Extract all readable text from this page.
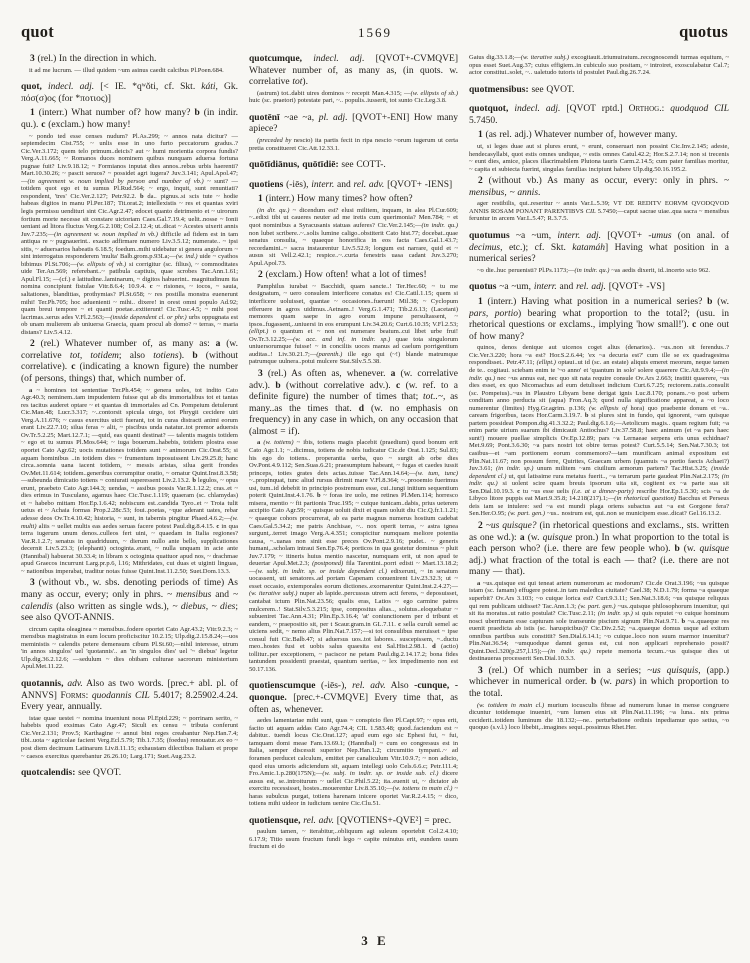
quot	1569	quotus

3 (rel.) In the direction in which.

it ad me lucrum. — illud quidem ~um asinus caedit calcibus Pl.Poen.684.

quot, indecl. adj. [< IE. *qʷŏti, cf. Skt. káti, Gk. πόσ(σ)ος (for *ποτιος)]

1 (interr.) What number of? how many? b (in indir. qu.). c (exclam.) how many!

~ pondo ted esse censes nudum? Pl.As.299; ~ annos nata dicitur? — septemdecim Cist.755; ~ unlis esse in uno furto peccatorum gradus..? Cic.Ver.3.172; quem telo primum..deicis? aut ~ humi morientia corpora fundis? Verg.A.11.665; ~ Romanos duces nominem quibus nunquam aduersa fortuna pugnae fuit? Liv.9.18.12; ~ Formianos inputat dies annos..rebus urbis haerenti? Mart.10.30.26; ~ pascit seruos? ~ possidet agri iugera? Juv.3.141; Apul.Apol.47;—(in agreement w. noun implied by person and number of vb.) ~ sunt? — totidem quot ego et tu sumus Pl.Rud.564; ~ ergo, inquit, sunt renuntiati? respondent, 'tres' Cic.Ver.2.127; Petr.92.2. b da.. pignus..si scis tute ~ hodie habeas digitos in manu Pl.Per.187; Tit.orat.2; intellexistis ~ res et quantas xviri legis permissu uendituri sint Cic.Agr.2.47; edocet quanto detrimento et ~ uirorum fortium morte necesse sit constare uictoriam Caes.Gal.7.19.4; uelit..nosse ~ Ionii ueniant ad litora fluctus Verg.G.2.108; Col.2.12.4; ut..dicat ~ Acestes uixerit annis Juv.7.235;—(in agreement w. noun implied in vb.) difficile ad fidem est in tam antiqua re ~ pugnauerint.. exacto adfirmare numero Liv.3.5.12; numerate.. ~ ipsi sitis, ~ aduersarios habeatis 6.18.5; foedum..mihi uidebatur si genera angulorum ~ sint interrogatus responderem 'multa' Balb.grom.p.93La;—(w. ind.) uide ~ cyathos bibimus Pl.St.706;—(w. ellipsis of vb.) si corrigitur (sc. filius), ~ commoditates uide Ter.An.569; referebant..~ patibula captiuis, quae scrobes Tac.Ann.1.61; Apul.Fl.15; —(cf.) e latitudine..laminarum, ~ digitos habuerint.. magnitudinum ita nomina concipiunt fistulae Vitr.8.6.4; 10.9.4. c ~ risiones, ~ iocos, ~ sauia, saltationes, blanditias, prothymias? Pl.St.658; ~ res postilla monstra euenerunt mihi! Ter.Ph.705; hoc aduenienti ~ mihi.. dixere! in orest omni populo Ad.92; quam breui tempore ~ et quanti poetae..extiterunt! Cic.Tusc.4.5; ~ mihi post lacrimas..serus ades V.Fl.2.563;—(inside dependent cl. or phr.) urbs oppugnata est ob unam mulierem ab uniuersa Graecia, quam procul ab domo? ~ terras, ~ maria distans? Liv.5.4.12.

2 (rel.) Whatever number of, as many as: a (w. correlative tot, totidem; also totiens). b (without correlative). c (indicating a known figure) the number (of persons, things) that, which number of.

a ~ homines tot sententiae Ter.Ph.454; ~ genera uoles, tot indito Cato Agr.40.3; neminem..tam impudentem fuisse qui ab dis immortalibus tot et tantas res tacitus auderet optare ~ et quantas di immortales ad Cn. Pompeium detulerunt Cic.Man.48; Lucr.3.317; ~..contorsit spicula uirgo, tot Phrygii cecidere uiri Verg.A.11.676; ~ casus exercitus uicti fuerant, tot in curas distracti animi eorum erant Liv.22.7.10; silua feras ~ alit, ~ piscibus unda natatur..tot premor aduersis Ov.Tr.5.2.25; Mart.12.7.1; —quid, eas quanti destinat? — talentis magnis totidem ~ ego et tu sumus Pl.Mos.644; ~ iuga bouerum..habebis, totidem plostra esse oportet Cato Agr.62; uocis mutationes totidem sunt ~ animorum Cic.Orat.55; si aquam hominibus ..in totidem dies ~ frumentum inposuissent Liv.29.25.8; hanc circa..somnia uana iacent totidem, ~ messis aristas, silua gerit frondes Ov.Met.11.614; totidem..generibus corrumpitur oratio, ~ ornatur Quint.Inst.8.3.58;—subeunda dimicatio totiens ~ coniurati superessent Liv.2.13.2. b legulos, ~ opus erunt, praebeto Cato Agr.144.3; uendas, ~ assibus possis Var.R.1.12.2; cras..et ~ dies erimus in Tusculano, agamus haec Cic.Tusc.1.119; quaeram (sc. chlamydas) et ~ habebo mittam Hor.Ep.1.6.42; nobiscum est..candida Tyro..et ~ Troia tulit uetus et ~ Achaia formas Prop.2.28c.53; foui..poetas, ~que aderant uates, rebar adesse deos Ov.Tr.4.10.42; historia, ~ sunt, in tabernis pingitur Phaed.4.6.2;—(w. multi) aliis ~ uellet multis eas aedes seruas facere potest Paul.dig.8.4.15. c in qua terra iugerum unum denos..culleos fert uini, ~ quaedam in Italia regiones? Var.R.1.2.7; senatus in quadriduum, ~ dierum nullo ante bello, supplicationes decernit Liv.5.23.3; (elephanti) octoginta..erant, ~ nulla unquam in acie ante (Hannibal) habuerat 30.33.4; in libram x octoginta quattuor apud nos, ~ drachmae apud Graecos incurrunt Larg.pr.p.6, l.16; Mithridates, cui duas et uiginti linguas, ~ nationibus imperabat, traditur notas fuisse Quint.Inst.11.2.50; Suet.Dom.13.3.

3 (without vb., w. sbs. denoting periods of time) As many as occur, every; only in phrs. ~ mensibus and ~ calendis (also written as single wds.), ~ diebus, ~ dies; see also QVOT-ANNIS.

circum capita oleaginea ~ mensibus..fodere oportet Cato Agr.43.2; Vitr.9.2.3; ~ mensibus magistratus in eum locum proficiscitur 10.2.15; Ulp.dig.2.15.8.24;—uos meministis ~ calendis petere demensum cibum Pl.St.60;—nihil interesse, utrum 'in annos singulos' uel 'quotannis'.. an 'in singulos dies' uel '~ diebus' legetur Ulp.dig.36.2.12.6; —sedulum ~ dies obibam culturae sacrorum ministerium Apul.Met.11.22.

quotannis, adv. Also as two words. [prec.+ abl. pl. of ANNVS] Forms: quodannis CIL 5.4017; 8.25902.4.24. Every year, annually.

istae quae uestei ~ nomina inueniunt noua Pl.Epid.229; ~ porrinam serito, ~ habebis quod exsimas Cato Agr.47; Siculi ex censu ~ tributa conferunt Cic.Ver.2.131; Prov.5; Karthagine ~ annui bini reges creabantur Nep.Han.7.4; tibi..uota ~ agricolae facient Verg.Ecl.5.79; Tib.1.7.35; (foedus) renouatur..ex eo ~ post diem decimum Latinarum Liv.8.11.15; exhaustam dilectibus Italiam et prope ~ caesos exercitus querebantur 26.26.10; Larg.171; Suet.Aug.23.2.

quotcalendis: see QVOT.

quotcumque, indecl. adj. [QVOT+-CVMQVE] Whatever number of, as many as, (in quots. w. correlative tot).

(astrum) tot..dabit uires dominos ~ recepit Man.4.315; —(w. ellipsis of sb.) huic (sc. praetori) potestate pari, ~.. populis..iusserit, tot sunto Cic.Leg.3.8.

quotēnī ~ae ~a, pl. adj. [QVOT+-ENI] How many apiece?

(preceded by nescio) ita partis fecit in ripa nescio ~orum iugerum ut certa pretia constitueret Cic.Att.12.33.1.

quōtīdiānus, quōtīdiē: see COTT-.

quotiens (-iēs), interr. and rel. adv. [QVOT+ -IENS]

1 (interr.) How many times? how often?

(in dir. qu.) ~ dicendum est? elusi militem, inquam, in alea Pl.Cur.609; ~..edixi tibi ut caueres neuter ad me iretis cum querimonia? Men.784; ~ et quot nominibus a Syracusanis statuas auferes? Cic.Ver.2.145;—(in indir. qu.) non lubet scribere..~..solis lumine caligo..obstiterit Cato hist.77; docebat..quae senatus consulta, ~ quaeque honorifica in eos facta Caes.Gal.1.43.7; recordamini..~ sacra instaurentur Liv.5.52.9; longum est narrare, quid et ~ ausus sit Vell.2.42.1; respice..~..curta fenestris uasa cadant Juv.3.270; Apul.Apol.73.

2 (exclam.) How often! what a lot of times!

Pamphilus iurabat ~ Bacchidi, quam sancte..! Ter.Hec.60; ~ tu me designatum, ~ uero consulem interficere conatus es! Cic.Catil.1.15; quem si interficere uoluisset, quantae ~ occasiones..fuerunt! Mil.38; ~ Cyclopum efferuere in agros uidimus..Aetnam..! Verg.G.1.471; Tib.2.6.13; (Lacetani) memores quam saepe in agro eorum impune persultassent, ~ ipsos..fugassent,..uniuersi in eos erumpunt Liv.34.20.6; Curt.6.10.35; V.Fl.2.53; (ellipt.) o quantum et ~ non est numerare beatum..cui libet urbe frui! Ov.Tr.3.12.25;—(w. acc. and inf. in indir. sp.) quae tota singulorum uniuersorumque fuisse! ~ in conciliis uoces manus ad caelum porrigentium auditas..! Liv.30.21.7;—(parenth.) ille ego qui (~!) blande matrumque patrumque uulnera..potui mulcere Stat.Silv.5.5.38.

3 (rel.) As often as, whenever. a (w. correlative adv.). b (without correlative adv.). c (w. ref. to a definite figure) the number of times that; tot..~, as many..as the times that. d (w. no emphasis on frequency) in any case in which, on any occasion that (almost = if).

a (w. totiens) ~ ibis, totiens magis placebit (praedium) quod bonum erit Cato Agr.1.1; ~..dicimus, totiens de nobis iudicatur Cic.de Orat.1.125; Sul.83; his ego do totiens.. properantia uerba, quo ~ surgit ab orbe dies Ov.Pont.4.9.112; Sen.Suas.6.21; praesumptum habeant, ~ fugas et caedes iussit princeps, toties grates deis actas..tuisse Tac.Ann.14.64;—(w. tum, tunc) ~..propinquat, tunc aliud rursus dirimit mare V.Fl.8.364; ~..prooemio fuerimus usi, tum..id debebit in principio postremum esse, cui..iungi initium sequentium poterit Quint.Inst.4.1.76. b ~ foras ire uolo, me retines Pl.Men.114; horresco misera, mentio ~ fit partionis Truc.195; ~ cuique tunicam..dabis, prius ueterem accipito Cato Agr.59; ~ quisque uoluit dixit et quam uoluit diu Cic.Q.fr.1.1.21; ~ quaeque cohors procurrerat, ab ea parte magnus numerus hostium cadebat Caes.Gal.5.34.2; me patris Anchisae, ~.. nox operit terras, ~ astra ignea surgunt,..terret imago Verg.A.4.351; conspicitur numquam meliore potentia causa, ~..uanas non sinit esse preces Ov.Pont.2.9.16; pudet.. ~ generis humani,..scholam intraui Sen.Ep.76.4; porticos in qua gestetur dominus ~ pluit Juv.7.179; ~ itineris huius mentio nascetur, numquam erit, ut non apud te deuertar Apul.Met.2.3; (postponed) fila Tarentini..porri edisti ~ Mart.13.18.2;—(w. subj. in indir. sp. or inside dependent cl.) edixerunt, ~ in senatum uocassent, uti senatores..ad portam Capenam conuenirent Liv.23.32.3; ut ~ esset occasio, extemporales eorum dictiones..exornarentur Quint.Inst.2.4.27;—(w. iterative subj.) nuper ab lapide..percussus utrem acti ferens, ~ deposuisset, cantabat ictum Plin.Nat.23.56; qualis eras, Latios ~ ego carmine patres mulcerem..! Stat.Silv.5.3.215; ipse, compositus alias.., solutus..eloquebatur ~ subueniret Tac.Ann.4.31; Plin.Ep.3.16.4; 'at' coniunctionem per d tribunt et eandem, ~ praepositio sit, per t Scaur.gram.in GL.7.11. c sella curuli semel ac uiciens sedit, ~ nemo alius Plin.Nat.7.157;—si tot consulibus meruisset ~ ipse consul fuit Cic.Balb.47; si aduersus uos..tot labores.. suscepissem, ~..ductu meo..hostes fusi et uobis salus quaesita est Sal.Hist.2.98.1. d (actio) tollitur..per exceptionem, ~ paciscor ne petam Paul.dig.2.14.17.2; bona fides tantundem possidenti praestat, quantum ueritas, ~ lex impedimento non est 50.17.136.

quotienscumque (-iēs-), rel. adv. Also -cunque, -quonque. [prec.+-CVMQVE] Every time that, as often as, whenever.

aedes lamentariae mihi sunt, quas ~ conspicio fleo Pl.Capt.97; ~ opus erit, facito uti aquam addas Cato Agr.74.4; CIL 1.583.48; quod..faciendum est ~ dabitur.. tuendi locus Cic.Orat.127; apud eum ego sic Ephesi fui, ~ fui, tamquam domi meae Fam.13.69.1; (Hannibal) ~ cum eo congressus est in Italia, semper discessit superior Nep.Han.1.2; circumitio tympani..~ ad foramen perducet calculum, emittet per canaliculum Vitr.10.9.7; ~ non adicio, quod eius umoris adiciendum sit, aquam intellegi uolo Cels.6.6.c; Petr.111.4; Fro.Amic.1.p.280(175N);—(w. subj. in indir. sp. or inside sub. cl.) dicere ausus est, se..introiturum ~ uellet Cic.Phil.5.22; ita..euenit ut, ~ dictator ab exercitu recessisset, hostes..mouerentur Liv.8.35.10;—(w. totiens in main cl.) ~ haras subulcus purgat, totiens harenam inicere oportet Var.R.2.4.15; ~ dico, totiens mihi uideor in iudicium uenire Cic.Clu.51.

quotiensque, rel. adv. [QVOTIENS+-QVE²] = prec.

paulum tamen, ~ iterabitur,..obliquum agi suleum oportebit Col.2.4.10; 6.17.9; Titio usum fructum fundi lego ~ capite minutus erit, eundem usum fructum ei do

Gaius dig.33.1.8;—(w. iterative subj.) excogitauit..triumuiratum..recognoscendi turmas equitum, ~ opus esset Suet.Aug.37; cuius effigiem..in cubiculo suo positam, ~ introiret, exosculabatur Cal.7; actor constitui..solet, ~.. ualetudo tutoris id postulet Paul.dig.26.7.24.

quotmensibus: see QVOT.

quotquot, indecl. adj. [QVOT rptd.] Orthog.: quodquod CIL 5.7450.

1 (as rel. adj.) Whatever number of, however many.

ut, si leges duae aut si plures erunt, ~ erunt, conseruari non possint Cic.Inv.2.145; adeste, hendecasyllabi, quot estis omnes undique, ~ estis omnes Catul.42.2; Hor.S.2.7.14; non si trecenis ~ eunt dies, amice, places illacrimabilem Plutona tauris Carm.2.14.5; cum pater familias moritur, ~ capita ei subiecta fuerint, singulas familias incipiunt habere Ulp.dig.50.16.195.2.

2 (without vb.) As many as occur, every: only in phrs. ~ mensibus, ~ annis.

ager restibilis, qui..reseritur ~ annis Var.L.5.39; VT DE REDITV EORVM QVODQVOD ANNIS ROSAM PONANT PARENTIBVS CIL 5.7450;—caput sacrae uiae..qua sacra ~ mensibus feruntur in arcem Var.L.5.47; R.3.7.5.

quotumus ~a ~um, interr. adj. [QVOT+ -umus (on anal. of decimus, etc.); cf. Skt. katamáh] Having what position in a numerical series?

~o die..huc peruenisti? Pl.Ps.1173;—(in indir. qu.) ~as aedis dixerit, id..incerto scio 962.

quotus ~a ~um, interr. and rel. adj. [QVOT+ -VS]

1 (interr.) Having what position in a numerical series? b (w. pars, portio) bearing what proportion to the total?; (usu. in rhetorical questions or exclams., implying 'how small!'). c one out of how many?

quinos, denos denique aut uicenos coget alius (denarios).. ~us..non sit ferendus..? Cic.Ver.3.220; hora ~a est? Hor.S.2.6.44; 'ex ~a decuria est?' cum ille se ex quadragesima respondisset.. Petr.47.11; (ellipt.) optaui..ut id (sc. an estate) aliquis emeret meorum, neque tamen de te.. cogitaui. sciebam enim te '~o anno' et 'quantum in solo' solere quaerere Cic.Att.9.9.4;—(in indir. qu.) nec ~us annus eat, nec quo sit nata require consule Ov.Ars 2.663; institit quaerere, ~us dies esset, ex quo Nicomachus ad eum detulisset indicium Curt.6.7.25; rectorem..ratis..consulit (sc. Pompeius)..~us in Plaustro Libyam bene derigat ignis Luc.8.170; ponam..~o post urbem conditam anno perducta sit (aqua) Fron.Aq.3; quod nulla significatione appareat, a ~o loco numerentur (limites) Hyg.Gr.agrim. p.136; (w. ellipsis of hora) quo praebente donum et ~a.. caream frigoribus, taces Hor.Carm.3.19.7. b si plures sint in fundo, qui ignorent, ~am quisque partem possideat Pompon.dig.41.3.32.2; Paul.dig.6.1.6;—Aetolicum magis.. quam regium fuit; ~a enim parte uirium suarum ibi dimicauit Antiochus? Liv.37.58.8; haec animum (et ~a pars haec sunt!) mouere puellae simplicis Ov.Ep.12.89; pars ~a Lernaeae serpens eris unus echidnae? Met.9.69; Pont.3.6.30; ~a pars nostri tot obire terras potest? Curt.5.5.14; Sen.Nat.7.30.3; tot casibus—et ~am portionem eorum commemoro?—tam munificam animal expositum est Plin.Nat.11.67; non possum ferre, Quirites, Graecam urbem (quamuis ~a portio faecis Achaei?) Juv.3.61; (in indir. sp.) unum militem ~am ciuilium armorum partem? Tac.Hist.3.25; (inside dependent cl.) ut, qui latissime rura metatus fuerit.., ~a terrarum parte gaudeat Plin.Nat.2.175; (in indir. qu.) si uolent scire quam breuis ipsorum uita sit, cogitent ex ~a parte sua sit Sen.Dial.10.19.3. c tu ~us esse uelis (i.e. at a dinner-party) rescribe Hor.Ep.1.5.30; scis ~a de Libyco litore puppis eat Mart.9.35.8; 14.218(217).1;—(in rhetorical question) Bacchus et Perseus deis iam se intulere: sed ~a est mundi plaga oriens subactus aut ~a est Gorgone fera? Sen.Her.O.95; (w. part. gen.) ~us.. nostrum est, qui..non se municipem esse..dicat? Gel.16.13.2.

2 ~us quisque? (in rhetorical questions and exclams., sts. written as one wd.): a (w. quisque pron.) In what proportion to the total is each person who? (i.e. there are few people who). b (w. quisque adj.) what fraction of the total is each — that? (i.e. there are not many — that).

a ~us..quisque est qui teneat artem numerorum ac modorum? Cic.de Orat.3.196; ~us quisque istam (sc. famam) effugere potest..in tam maledica ciuitate? Cael.38; N.D.1.79; forma ~a quaeque superbit? Ov.Ars 3.103; ~o cuique lorica est? Curt.9.3.11; Sen.Nat.3.18.6; ~us quisque reliquus qui rem publicam uidisset? Tac.Ann.1.3; (w. part. gen.) ~us..quisque philosophorum inuenitur, qui sit ita moratus..ut ratio postulat? Cic.Tusc.2.11; (in indir. sp.) si quis reputet ~o cuique hominum nosci uberrimam esse capturam sole transeunte piscium signum Plin.Nat.9.71. b ~a..quaeque res euenit praedicta ab istis (sc. haruspicibus)? Cic.Div.2.52; ~a..quaeque domus usque ad exitum omnibus partibus suis constitit? Sen.Dial.6.14.1; ~o cuique..loco non suum marmor inuenitur? Plin.Nat.36.54; ~umquodque damni genus est, cui non applicari reprehensio possit? Quint.Decl.320(p.257,l.15);—(in indir. qu.) repete memoria tecum..~us quisque dies ut destinaueras processerit Sen.Dial.10.3.3.

3 (rel.) Of which number in a series; ~us quisquis, (app.) whichever in numerical order. b (w. pars) in which proportion to the total.

(w. totidem in main cl.) murium iocusculis fibrae ad numerum lunae in mense congruere dicuntur totidemque inueniri, ~um lumen eius sit Plin.Nat.11.196; ~a luna.. nix prima ceciderit..totidem luminum die 18.132;—ne.. perturbatione ordinis inpediamur quo setius, ~o quoquo (s.v.l.) loco libebit,..imagines sequi..possimus Rhet.Her.

3 E
